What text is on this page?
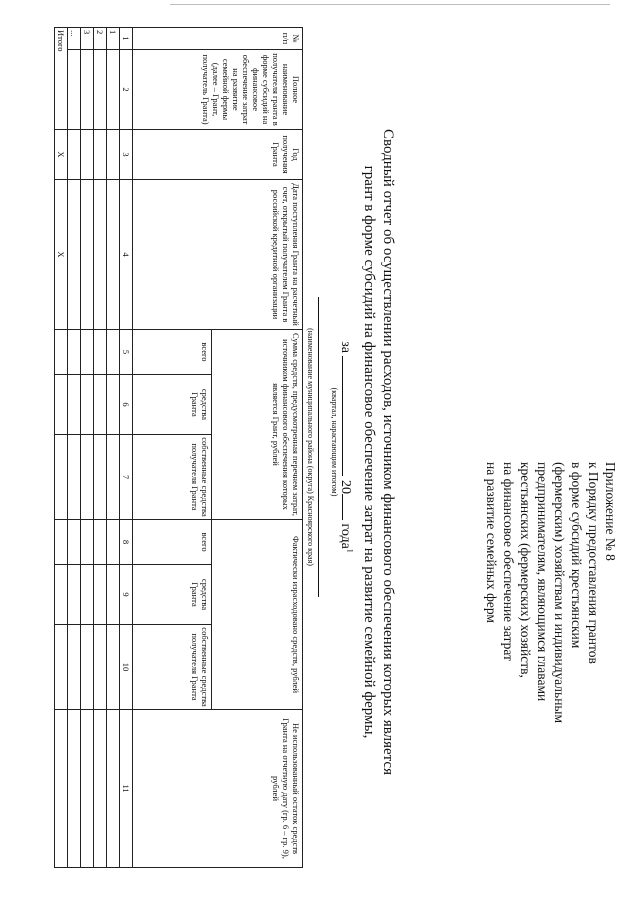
Приложение № 8
к Порядку предоставления грантов
в форме субсидий крестьянским
(фермерским) хозяйствам и индивидуальным
предпринимателям, являющимся главами
крестьянских (фермерских) хозяйств,
на финансовое обеспечение затрат
на развитие семейных ферм
Сводный отчет об осуществлении расходов, источником финансового обеспечения которых является
грант в форме субсидий на финансовое обеспечение затрат на развитие семейной фермы,
за  20 года$^1$
(квартал, нарастающим итогом)
(наименование муниципального района (округа) Красноярского края)
№ п/п	Полное наименование получателя гранта в форме субсидий на финансовое обеспечение затрат на развитие семейной фермы (далее – Грант, получатель Гранта)	Год получения Гранта	Дата поступления Гранта на расчетный счет, открытый получателем Гранта в российской кредитной организации	Сумма средств, предусмотренная перечнем затрат, источником финансового обеспечения которых является Грант, рублей			Фактически израсходовано средств, рублей			Не использованный остаток средств Гранта на отчетную дату (гр. 6 – гр. 9), рублей
				всего	средства Гранта	собственные средства получателя Гранта	всего	средства Гранта	собственные средства получателя Гранта	
1	2	3	4	5	6	7	8	9	10	11
1										
2										
3										
...										
Итого		X	X							
